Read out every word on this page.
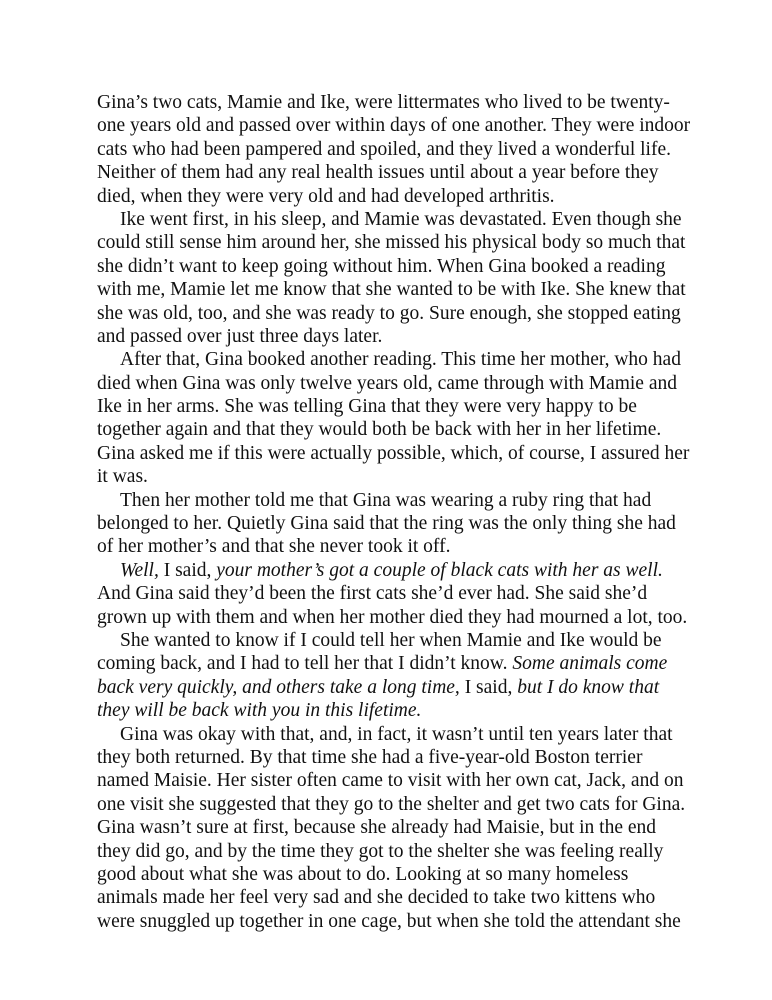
Gina’s two cats, Mamie and Ike, were littermates who lived to be twenty-
one years old and passed over within days of one another. They were indoor
cats who had been pampered and spoiled, and they lived a wonderful life.
Neither of them had any real health issues until about a year before they
died, when they were very old and had developed arthritis.
Ike went first, in his sleep, and Mamie was devastated. Even though she
could still sense him around her, she missed his physical body so much that
she didn’t want to keep going without him. When Gina booked a reading
with me, Mamie let me know that she wanted to be with Ike. She knew that
she was old, too, and she was ready to go. Sure enough, she stopped eating
and passed over just three days later.
After that, Gina booked another reading. This time her mother, who had
died when Gina was only twelve years old, came through with Mamie and
Ike in her arms. She was telling Gina that they were very happy to be
together again and that they would both be back with her in her lifetime.
Gina asked me if this were actually possible, which, of course, I assured her
it was.
Then her mother told me that Gina was wearing a ruby ring that had
belonged to her. Quietly Gina said that the ring was the only thing she had
of her mother’s and that she never took it off.
Well, I said, your mother’s got a couple of black cats with her as well.
And Gina said they’d been the first cats she’d ever had. She said she’d
grown up with them and when her mother died they had mourned a lot, too.
She wanted to know if I could tell her when Mamie and Ike would be
coming back, and I had to tell her that I didn’t know. Some animals come
back very quickly, and others take a long time, I said, but I do know that
they will be back with you in this lifetime.
Gina was okay with that, and, in fact, it wasn’t until ten years later that
they both returned. By that time she had a five-year-old Boston terrier
named Maisie. Her sister often came to visit with her own cat, Jack, and on
one visit she suggested that they go to the shelter and get two cats for Gina.
Gina wasn’t sure at first, because she already had Maisie, but in the end
they did go, and by the time they got to the shelter she was feeling really
good about what she was about to do. Looking at so many homeless
animals made her feel very sad and she decided to take two kittens who
were snuggled up together in one cage, but when she told the attendant she
